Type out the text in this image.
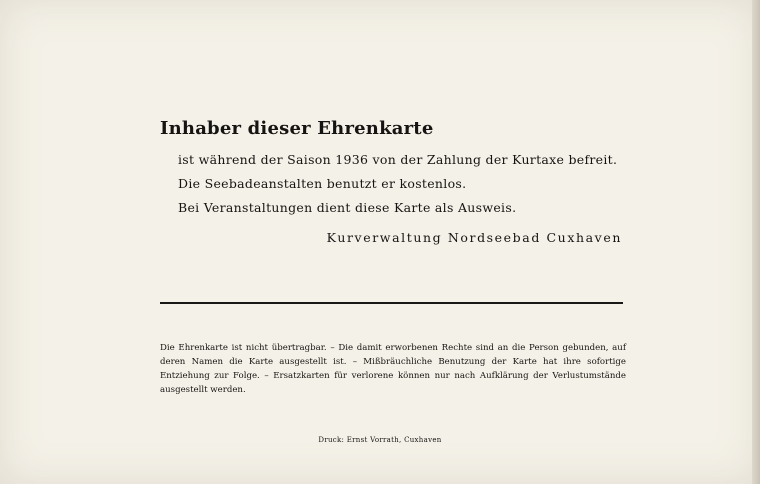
Inhaber dieser Ehrenkarte
ist während der Saison 1936 von der Zahlung der Kurtaxe befreit.
Die Seebadeanstalten benutzt er kostenlos.
Bei Veranstaltungen dient diese Karte als Ausweis.
Kurverwaltung Nordseebad Cuxhaven
Die Ehrenkarte ist nicht übertragbar. – Die damit erworbenen Rechte sind an die Person gebunden, auf deren Namen die Karte ausgestellt ist. – Mißbräuchliche Benutzung der Karte hat ihre sofortige Entziehung zur Folge. – Ersatzkarten für verlorene können nur nach Aufklärung der Verlustumstände ausgestellt werden.
Druck: Ernst Vorrath, Cuxhaven
